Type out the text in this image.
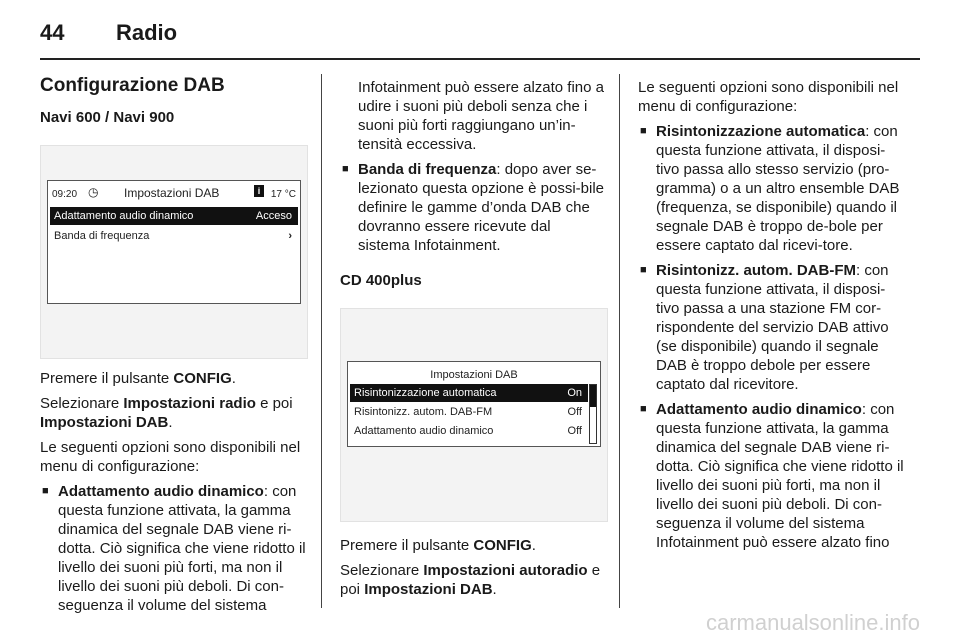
44 Radio
Configurazione DAB
Navi 600 / Navi 900
09:20 ◷ Impostazioni DAB	i	17 °C
Adattamento audio dinamico	Acceso
Banda di frequenza	›

Premere il pulsante CONFIG.

Selezionare Impostazioni radio e poi Impostazioni DAB.

Le seguenti opzioni sono disponibili nel menu di configurazione:

■ Adattamento audio dinamico: con questa funzione attivata, la gamma dinamica del segnale DAB viene ri-dotta. Ciò significa che viene ridotto il livello dei suoni più forti, ma non il livello dei suoni più deboli. Di con-seguenza il volume del sistema

Infotainment può essere alzato fino a udire i suoni più deboli senza che i suoni più forti raggiungano un’in-tensità eccessiva.

■ Banda di frequenza: dopo aver se-lezionato questa opzione è possi-bile definire le gamme d’onda DAB che dovranno essere ricevute dal sistema Infotainment.

CD 400plus
Impostazioni DAB
Risintonizzazione automatica	On
Risintonizz. autom. DAB-FM	Off
Adattamento audio dinamico	Off

Premere il pulsante CONFIG.

Selezionare Impostazioni autoradio e poi Impostazioni DAB.

Le seguenti opzioni sono disponibili nel menu di configurazione:

■ Risintonizzazione automatica: con questa funzione attivata, il disposi-tivo passa allo stesso servizio (pro-gramma) o a un altro ensemble DAB (frequenza, se disponibile) quando il segnale DAB è troppo de-bole per essere captato dal ricevi-tore.

■ Risintonizz. autom. DAB-FM: con questa funzione attivata, il disposi-tivo passa a una stazione FM cor-rispondente del servizio DAB attivo (se disponibile) quando il segnale DAB è troppo debole per essere captato dal ricevitore.

■ Adattamento audio dinamico: con questa funzione attivata, la gamma dinamica del segnale DAB viene ri-dotta. Ciò significa che viene ridotto il livello dei suoni più forti, ma non il livello dei suoni più deboli. Di con-seguenza il volume del sistema Infotainment può essere alzato fino

carmanualsonline.info
